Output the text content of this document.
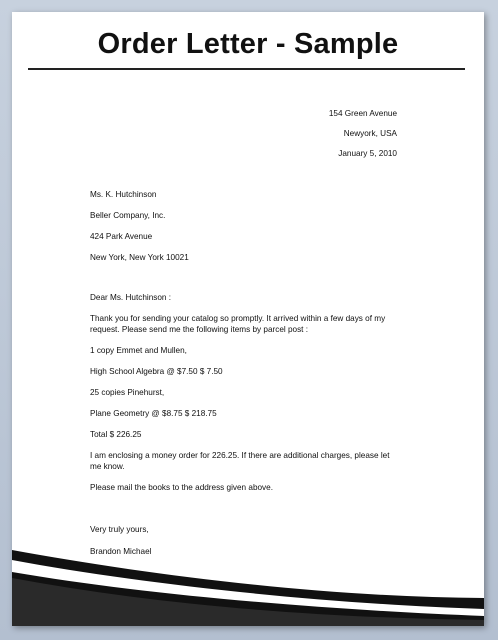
Order Letter - Sample
154 Green Avenue
Newyork, USA
January 5, 2010
Ms. K. Hutchinson
Beller Company, Inc.
424 Park Avenue
New York, New York 10021

Dear Ms. Hutchinson :

Thank you for sending your catalog so promptly. It arrived within a few days of my request. Please send me the following items by parcel post :

1 copy Emmet and Mullen,

High School Algebra @ $7.50 $ 7.50

25 copies Pinehurst,

Plane Geometry @ $8.75 $ 218.75

Total $ 226.25

I am enclosing a money order for 226.25. If there are additional charges, please let me know.

Please mail the books to the address given above.

Very truly yours,
Brandon Michael
